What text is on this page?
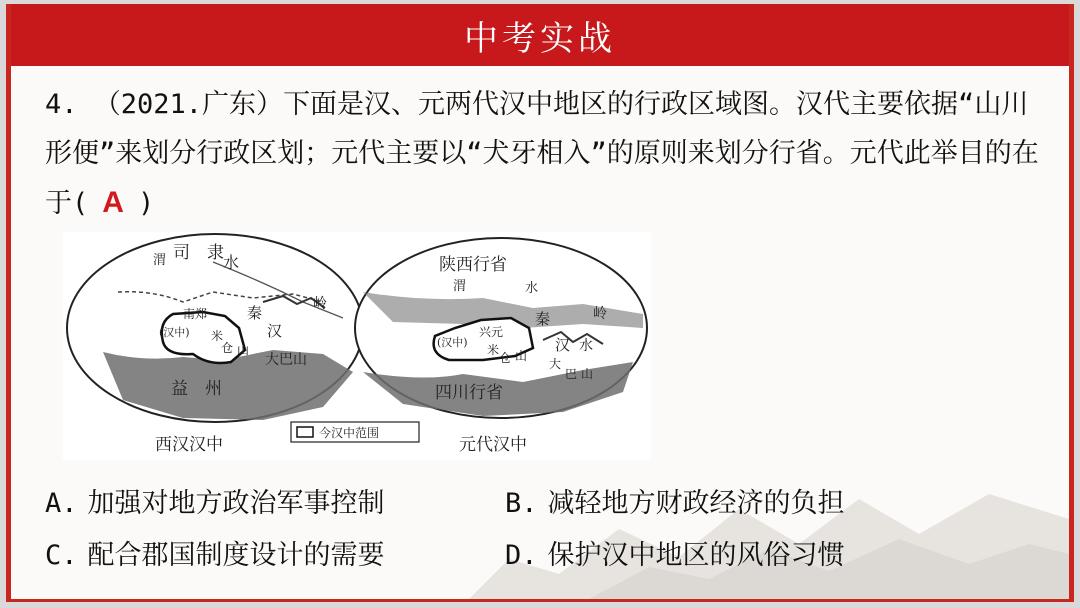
中考实战
4. （2021.广东）下面是汉、元两代汉中地区的行政区域图。汉代主要依据“山川形便”来划分行政区划；元代主要以“犬牙相入”的原则来划分行省。元代此举目的在于( A )
渭 司　隶 水
南郑
(汉中)
秦
汉
岭
米
仓 山
大巴山
益　州
西汉汉中
今汉中范围
陕西行省
渭	水
兴元
(汉中)
秦	岭
汉 水
米
仓 山
大
巴 山
四川行省
元代汉中
A. 加强对地方政治军事控制	B. 减轻地方财政经济的负担
C. 配合郡国制度设计的需要	D. 保护汉中地区的风俗习惯
